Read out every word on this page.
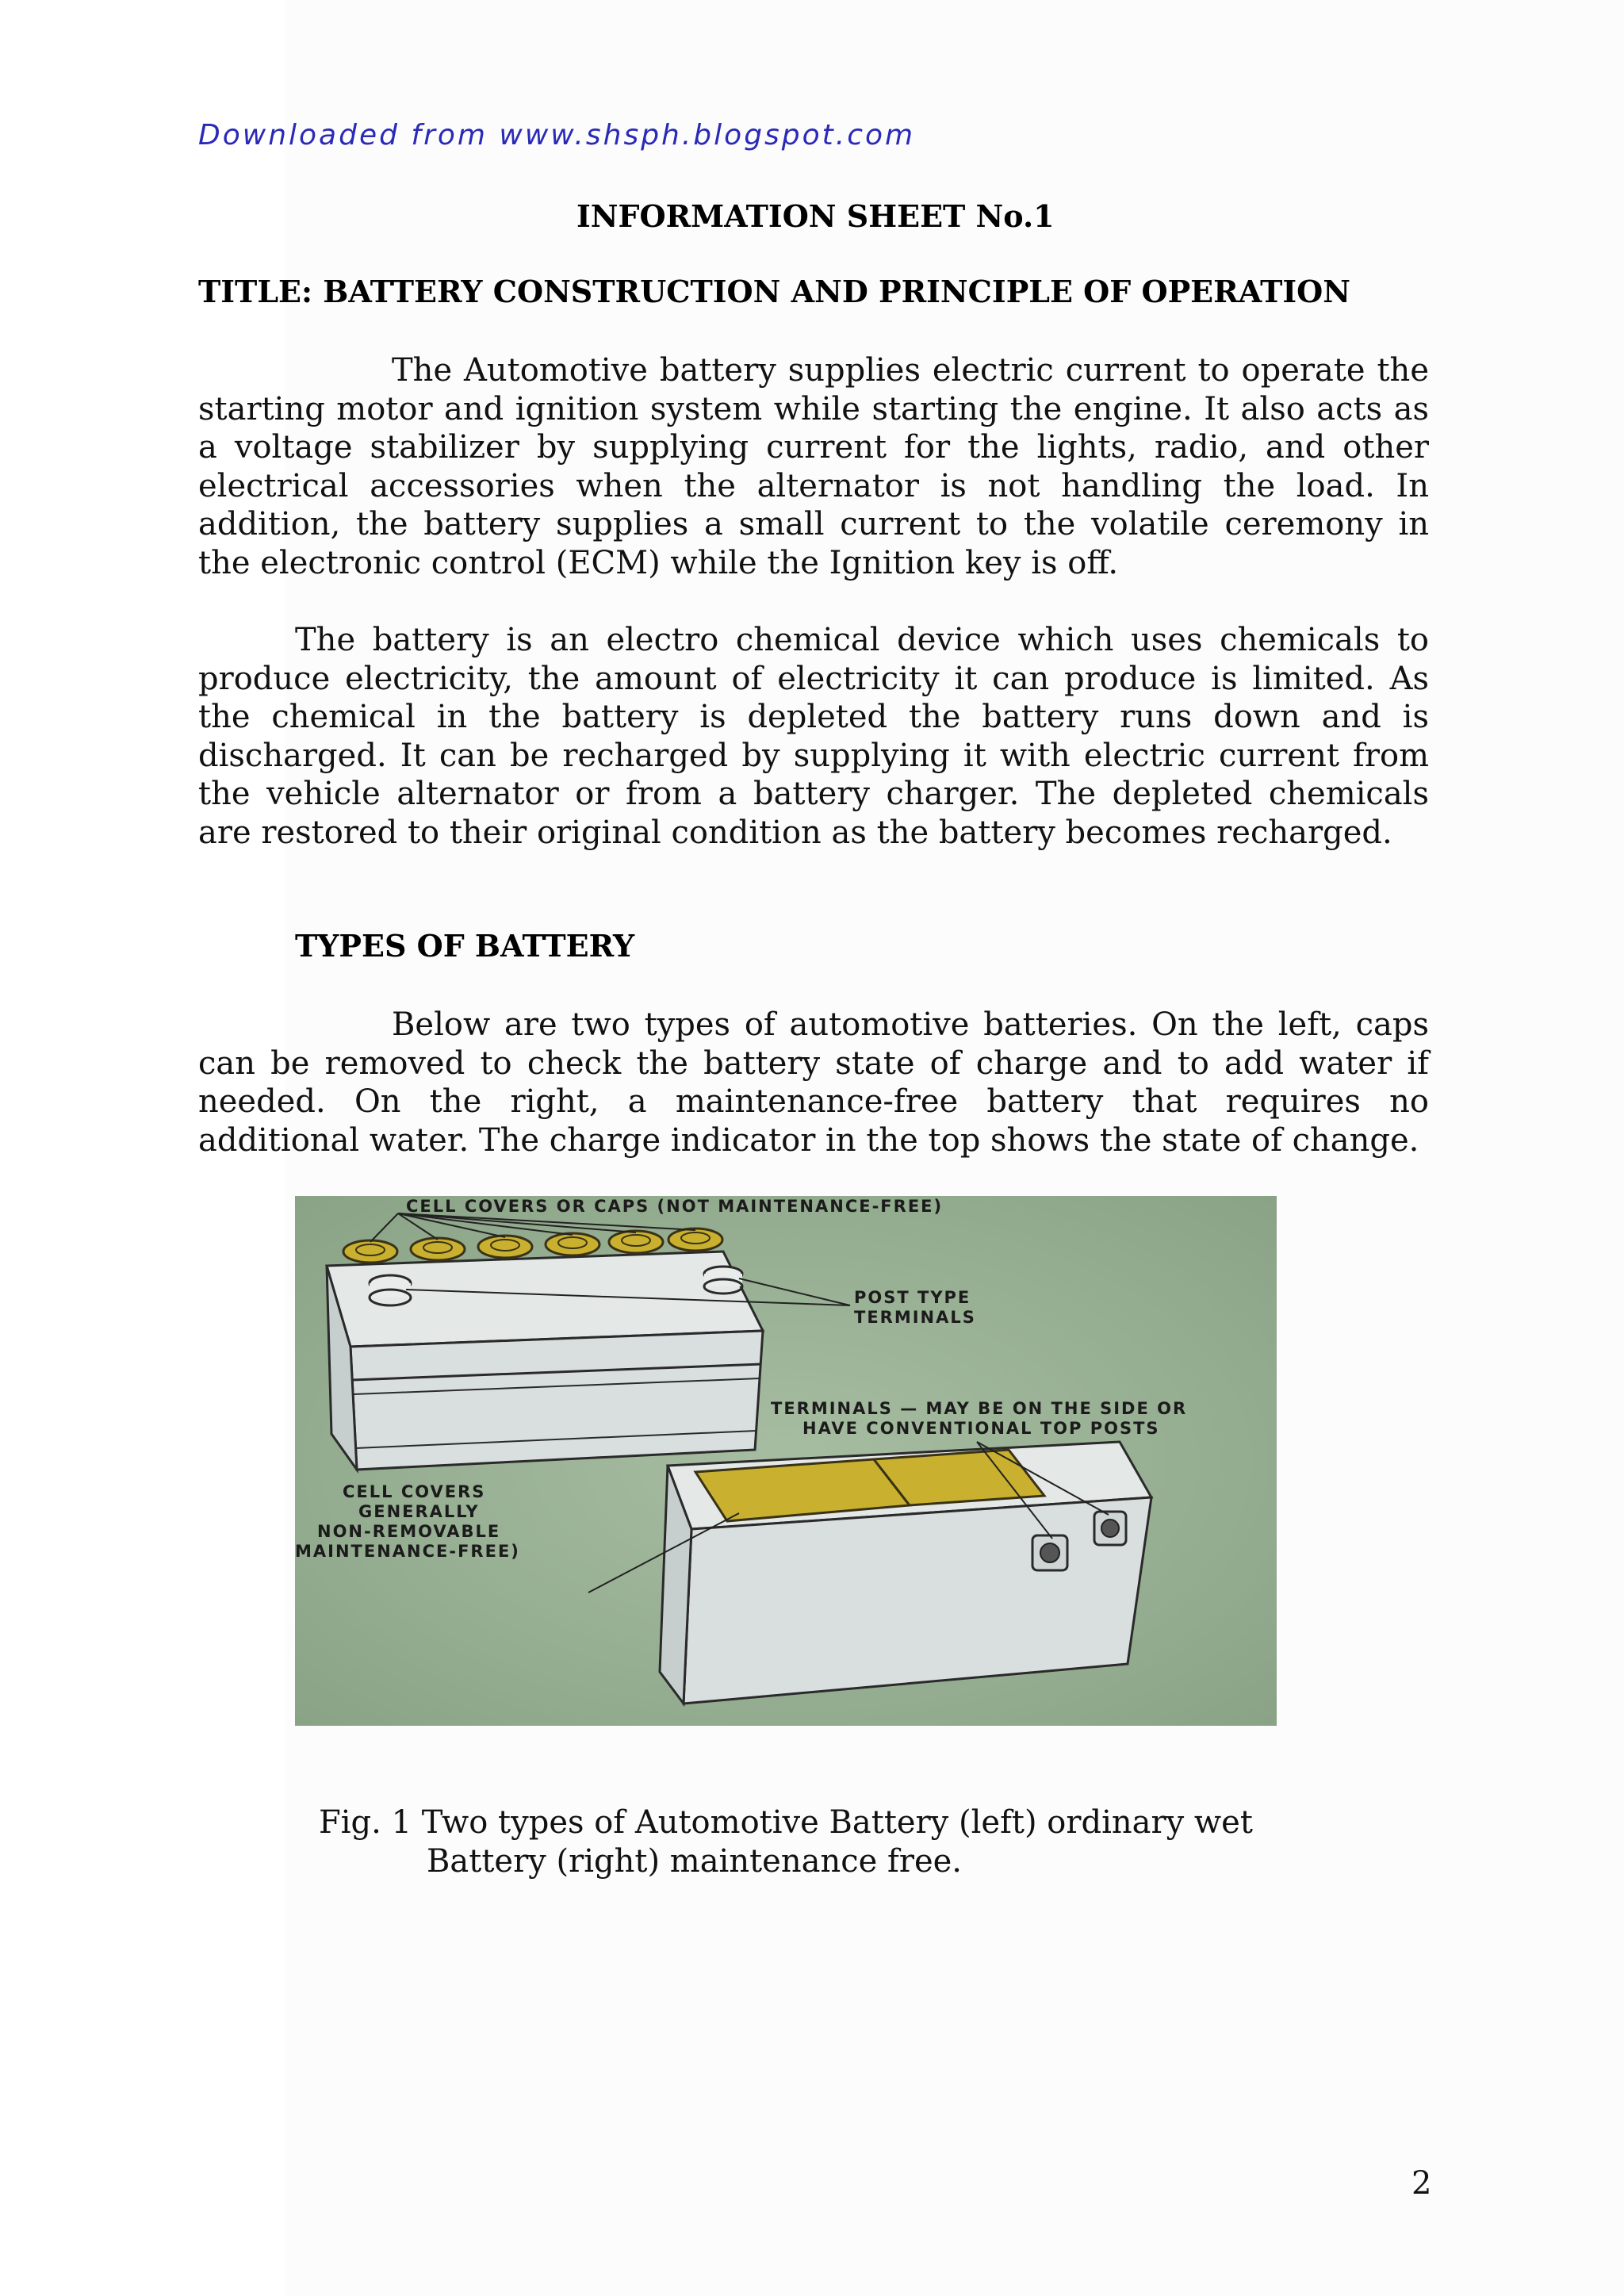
Downloaded from www.shsph.blogspot.com
INFORMATION SHEET No.1
TITLE: BATTERY CONSTRUCTION AND PRINCIPLE OF OPERATION

The Automotive battery supplies electric current to operate the starting motor and ignition system while starting the engine. It also acts as a voltage stabilizer by supplying current for the lights, radio, and other electrical accessories when the alternator is not handling the load. In addition, the battery supplies a small current to the volatile ceremony in the electronic control (ECM) while the Ignition key is off.

The battery is an electro chemical device which uses chemicals to produce electricity, the amount of electricity it can produce is limited. As the chemical in the battery is depleted the battery runs down and is discharged. It can be recharged by supplying it with electric current from the vehicle alternator or from a battery charger. The depleted chemicals are restored to their original condition as the battery becomes recharged.

TYPES OF BATTERY

Below are two types of automotive batteries. On the left, caps can be removed to check the battery state of charge and to add water if needed. On the right, a maintenance-free battery that requires no additional water. The charge indicator in the top shows the state of change.

CELL COVERS OR CAPS (NOT MAINTENANCE-FREE)
POST TYPE
TERMINALS
TERMINALS — MAY BE ON THE SIDE OR
HAVE CONVENTIONAL TOP POSTS
CELL COVERS
GENERALLY
NON-REMOVABLE
MAINTENANCE-FREE)

Fig. 1 Two types of Automotive Battery (left) ordinary wet
Battery (right) maintenance free.

2
